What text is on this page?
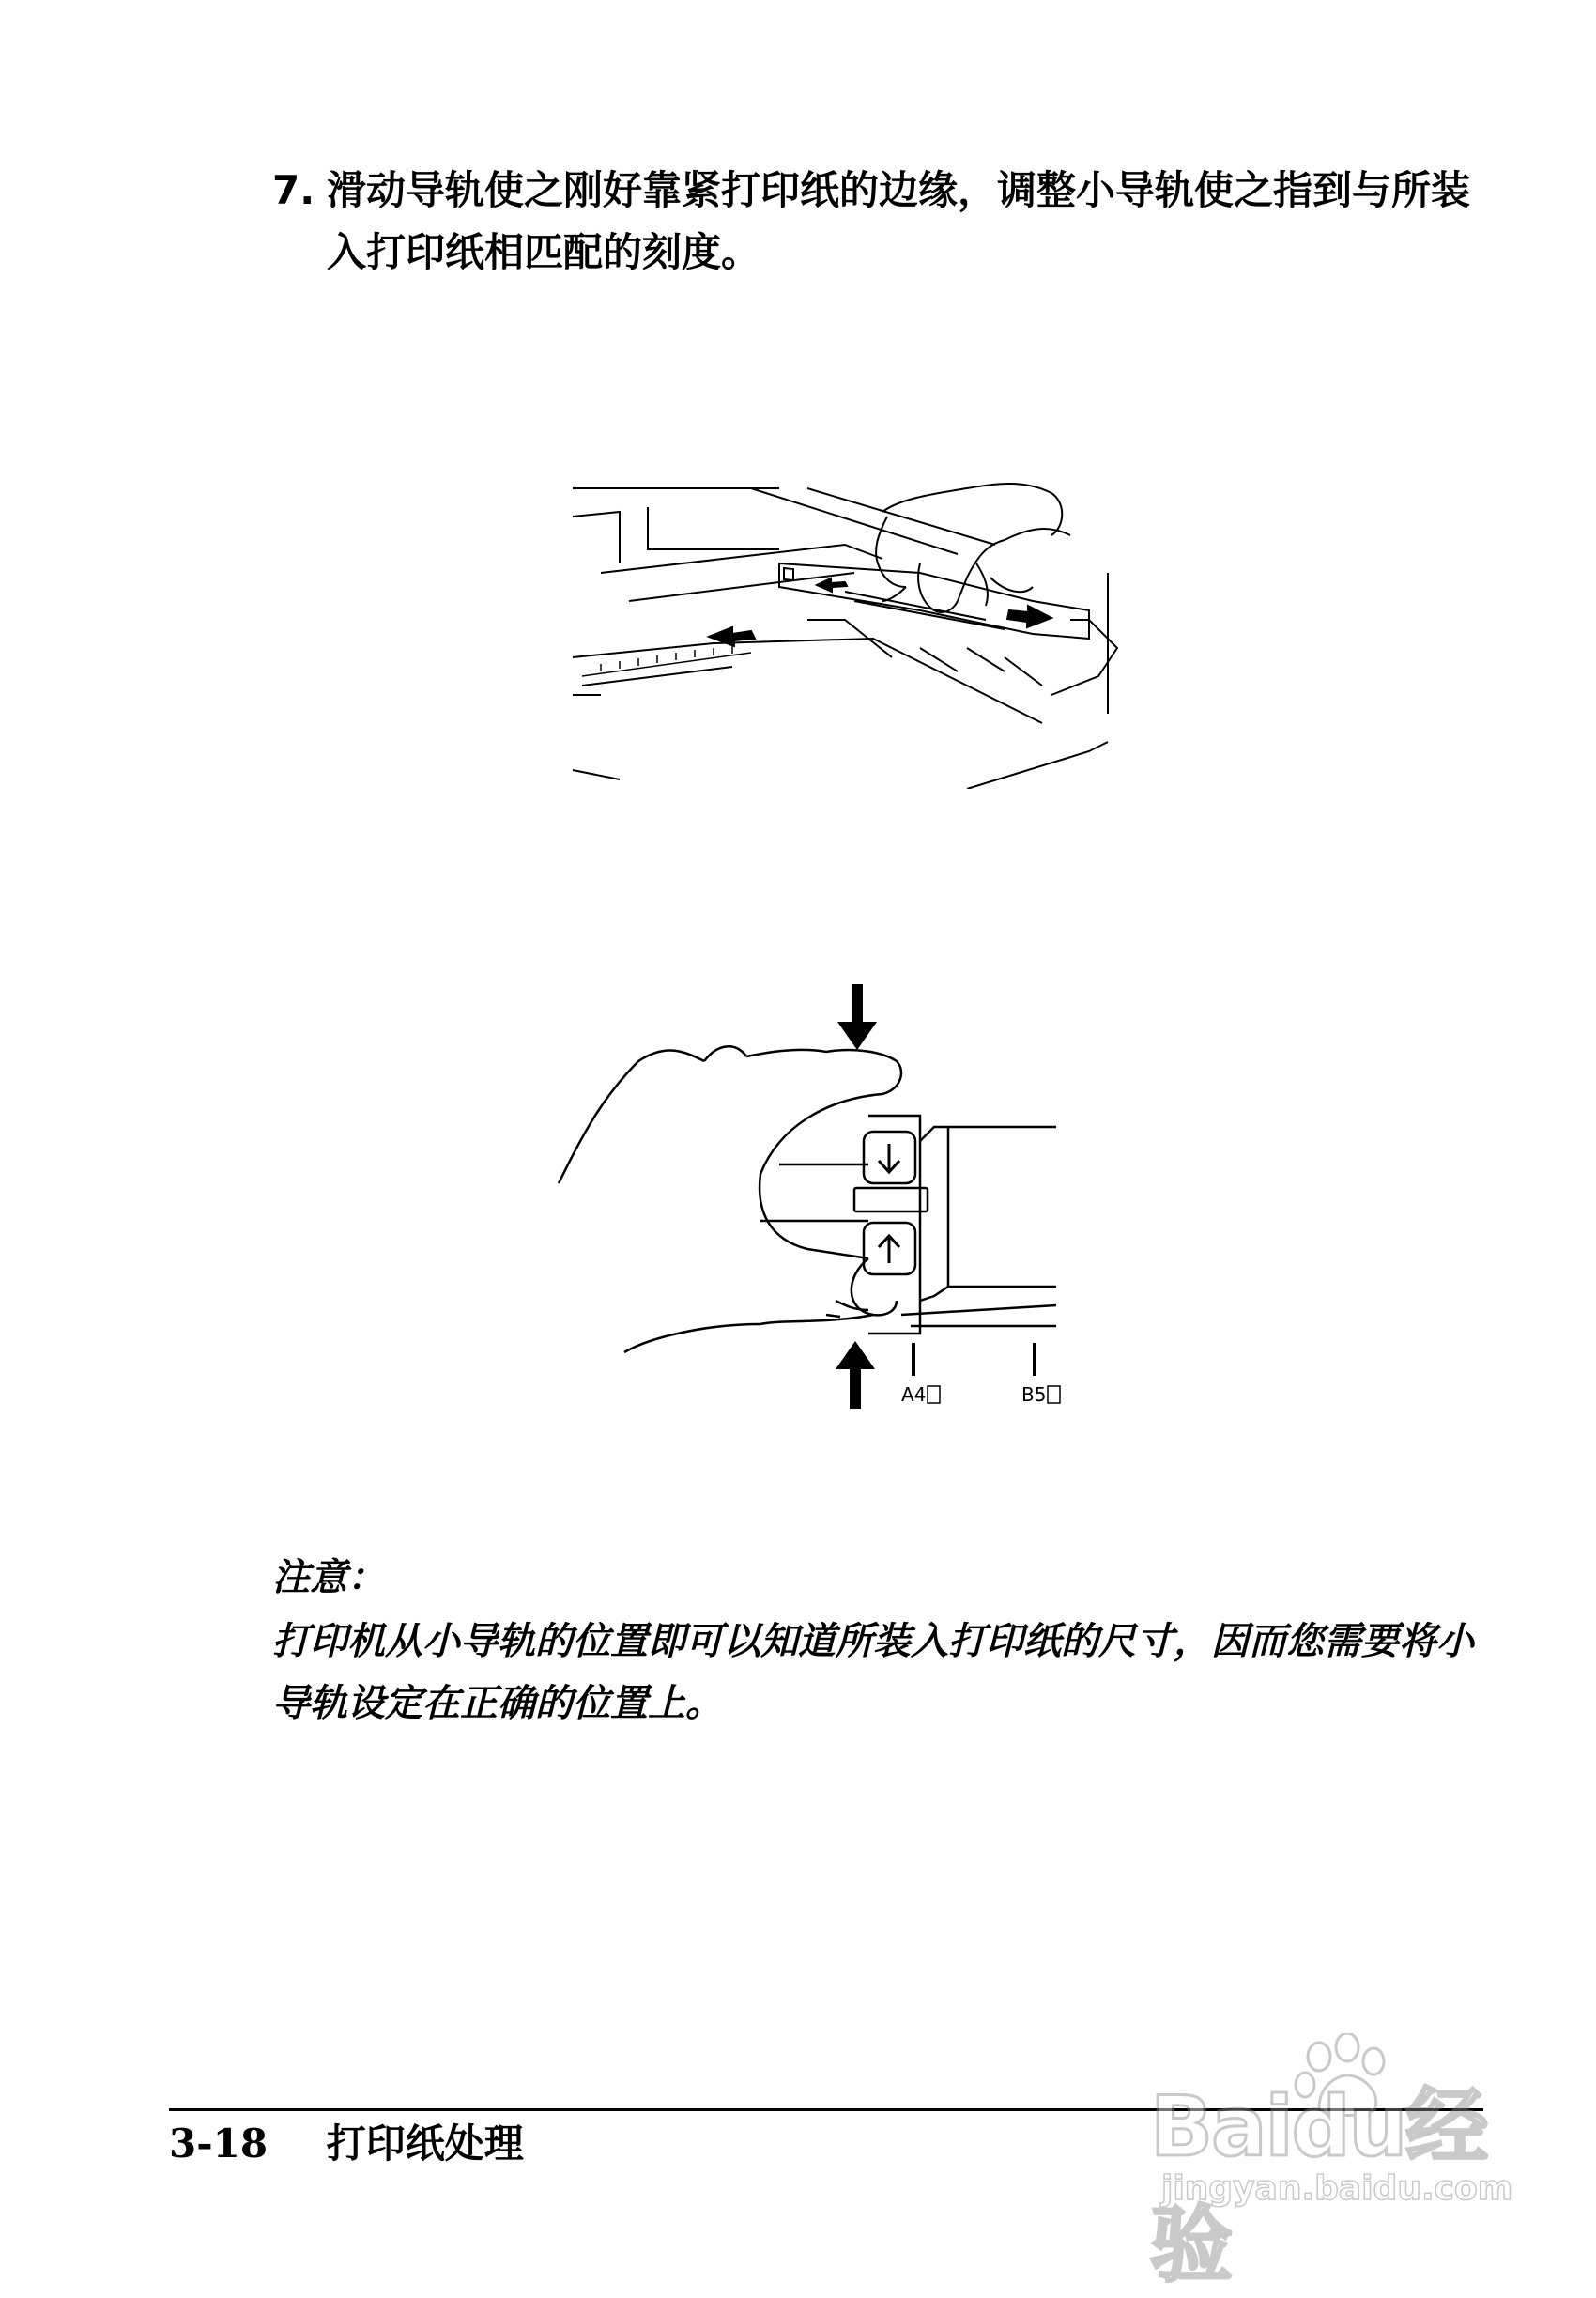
7. 滑动导轨使之刚好靠紧打印纸的边缘，调整小导轨使之指到与所装入打印纸相匹配的刻度。
A4	B5
注意：
打印机从小导轨的位置即可以知道所装入打印纸的尺寸，因而您需要将小导轨设定在正确的位置上。
3-18 打印纸处理	Baidu经验
jingyan.baidu.com
